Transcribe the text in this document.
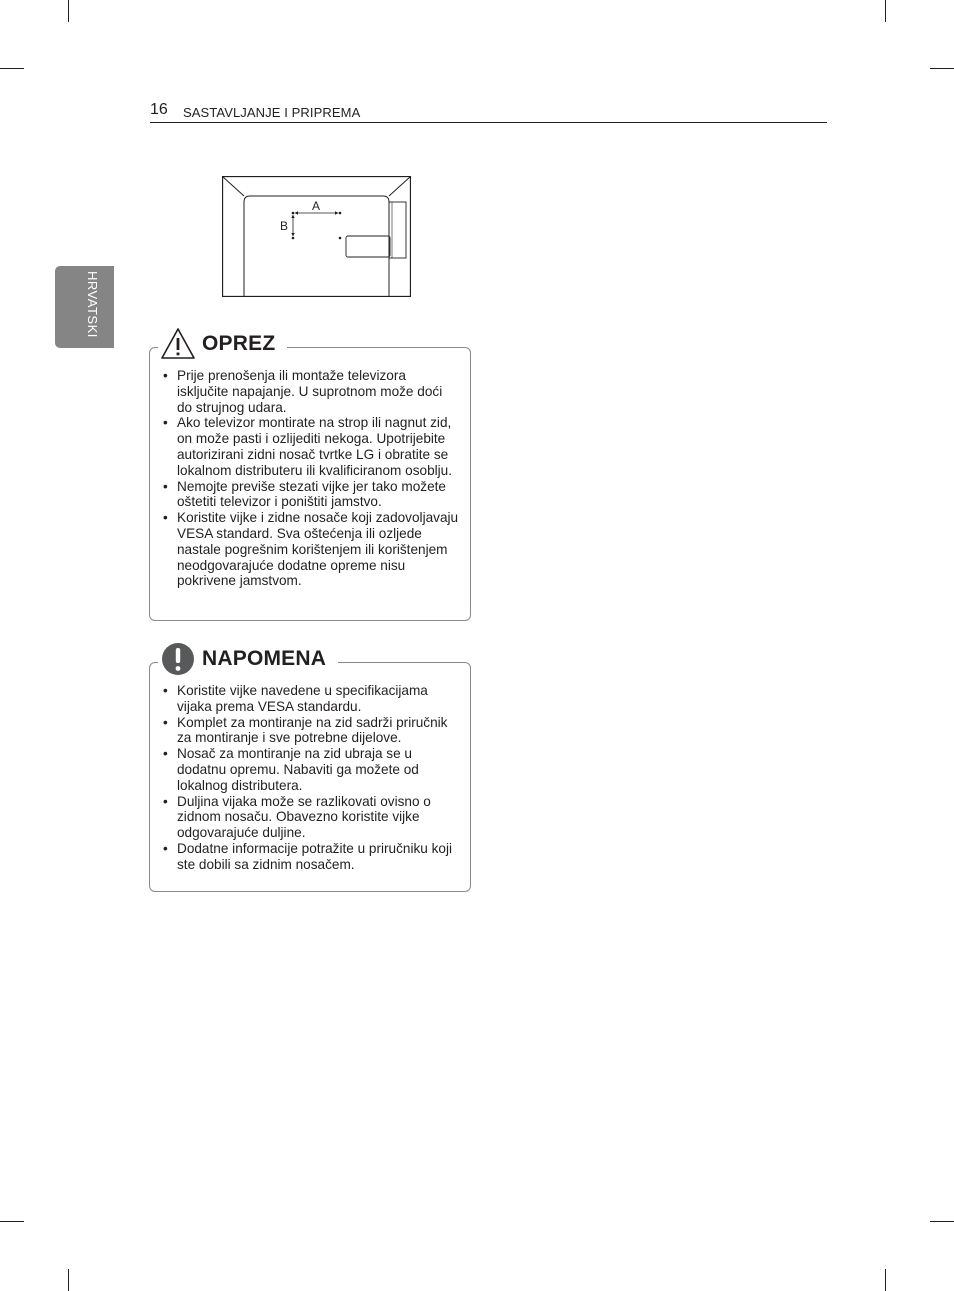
16 SASTAVLJANJE I PRIPREMA
HRVATSKI
A
B
OPREZ
• Prije prenošenja ili montaže televizora isključite napajanje. U suprotnom može doći do strujnog udara.
• Ako televizor montirate na strop ili nagnut zid, on može pasti i ozlijediti nekoga. Upotrijebite autorizirani zidni nosač tvrtke LG i obratite se lokalnom distributeru ili kvalificiranom osoblju.
• Nemojte previše stezati vijke jer tako možete oštetiti televizor i poništiti jamstvo.
• Koristite vijke i zidne nosače koji zadovoljavaju VESA standard. Sva oštećenja ili ozljede nastale pogrešnim korištenjem ili korištenjem neodgovarajuće dodatne opreme nisu pokrivene jamstvom.
NAPOMENA
• Koristite vijke navedene u specifikacijama vijaka prema VESA standardu.
• Komplet za montiranje na zid sadrži priručnik za montiranje i sve potrebne dijelove.
• Nosač za montiranje na zid ubraja se u dodatnu opremu. Nabaviti ga možete od lokalnog distributera.
• Duljina vijaka može se razlikovati ovisno o zidnom nosaču. Obavezno koristite vijke odgovarajuće duljine.
• Dodatne informacije potražite u priručniku koji ste dobili sa zidnim nosačem.
